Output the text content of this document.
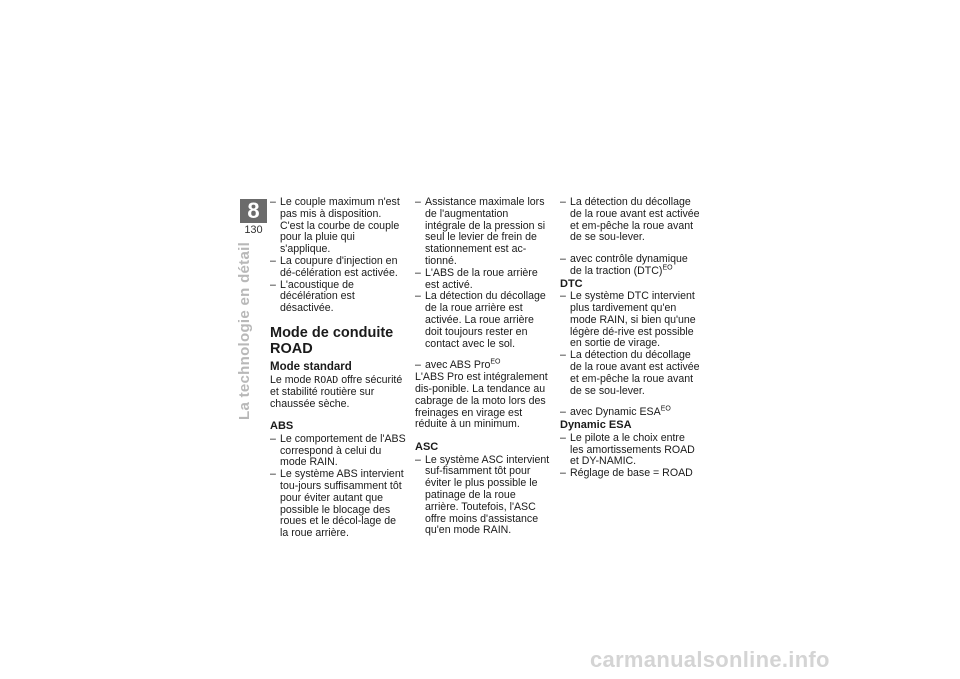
8
130
La technologie en détail
– Le couple maximum n'est pas mis à disposition. C'est la courbe de couple pour la pluie qui s'applique.
– La coupure d'injection en dé-célération est activée.
– L'acoustique de décélération est désactivée.
Mode de conduite ROAD
Mode standard

Le mode ROAD offre sécurité et stabilité routière sur chaussée sèche.

ABS
– Le comportement de l'ABS correspond à celui du mode RAIN.
– Le système ABS intervient tou-jours suffisamment tôt pour éviter autant que possible le blocage des roues et le décol-lage de la roue arrière.
– Assistance maximale lors de l'augmentation intégrale de la pression si seul le levier de frein de stationnement est ac-tionné.
– L'ABS de la roue arrière est activé.
– La détection du décollage de la roue arrière est activée. La roue arrière doit toujours rester en contact avec le sol.
– avec ABS Pro$^{EO}$

L'ABS Pro est intégralement dis-ponible. La tendance au cabrage de la moto lors des freinages en virage est réduite à un minimum.

ASC
– Le système ASC intervient suf-fisamment tôt pour éviter le plus possible le patinage de la roue arrière. Toutefois, l'ASC offre moins d'assistance qu'en mode RAIN.
– La détection du décollage de la roue avant est activée et em-pêche la roue avant de se sou-lever.
– avec contrôle dynamique de la traction (DTC)$^{EO}$
DTC
– Le système DTC intervient plus tardivement qu'en mode RAIN, si bien qu'une légère dé-rive est possible en sortie de virage.
– La détection du décollage de la roue avant est activée et em-pêche la roue avant de se sou-lever.
– avec Dynamic $ESA^{EO}$
Dynamic ESA
– Le pilote a le choix entre les amortissements ROAD et DY-NAMIC.
– Réglage de base = ROAD
carmanualsonline.info
